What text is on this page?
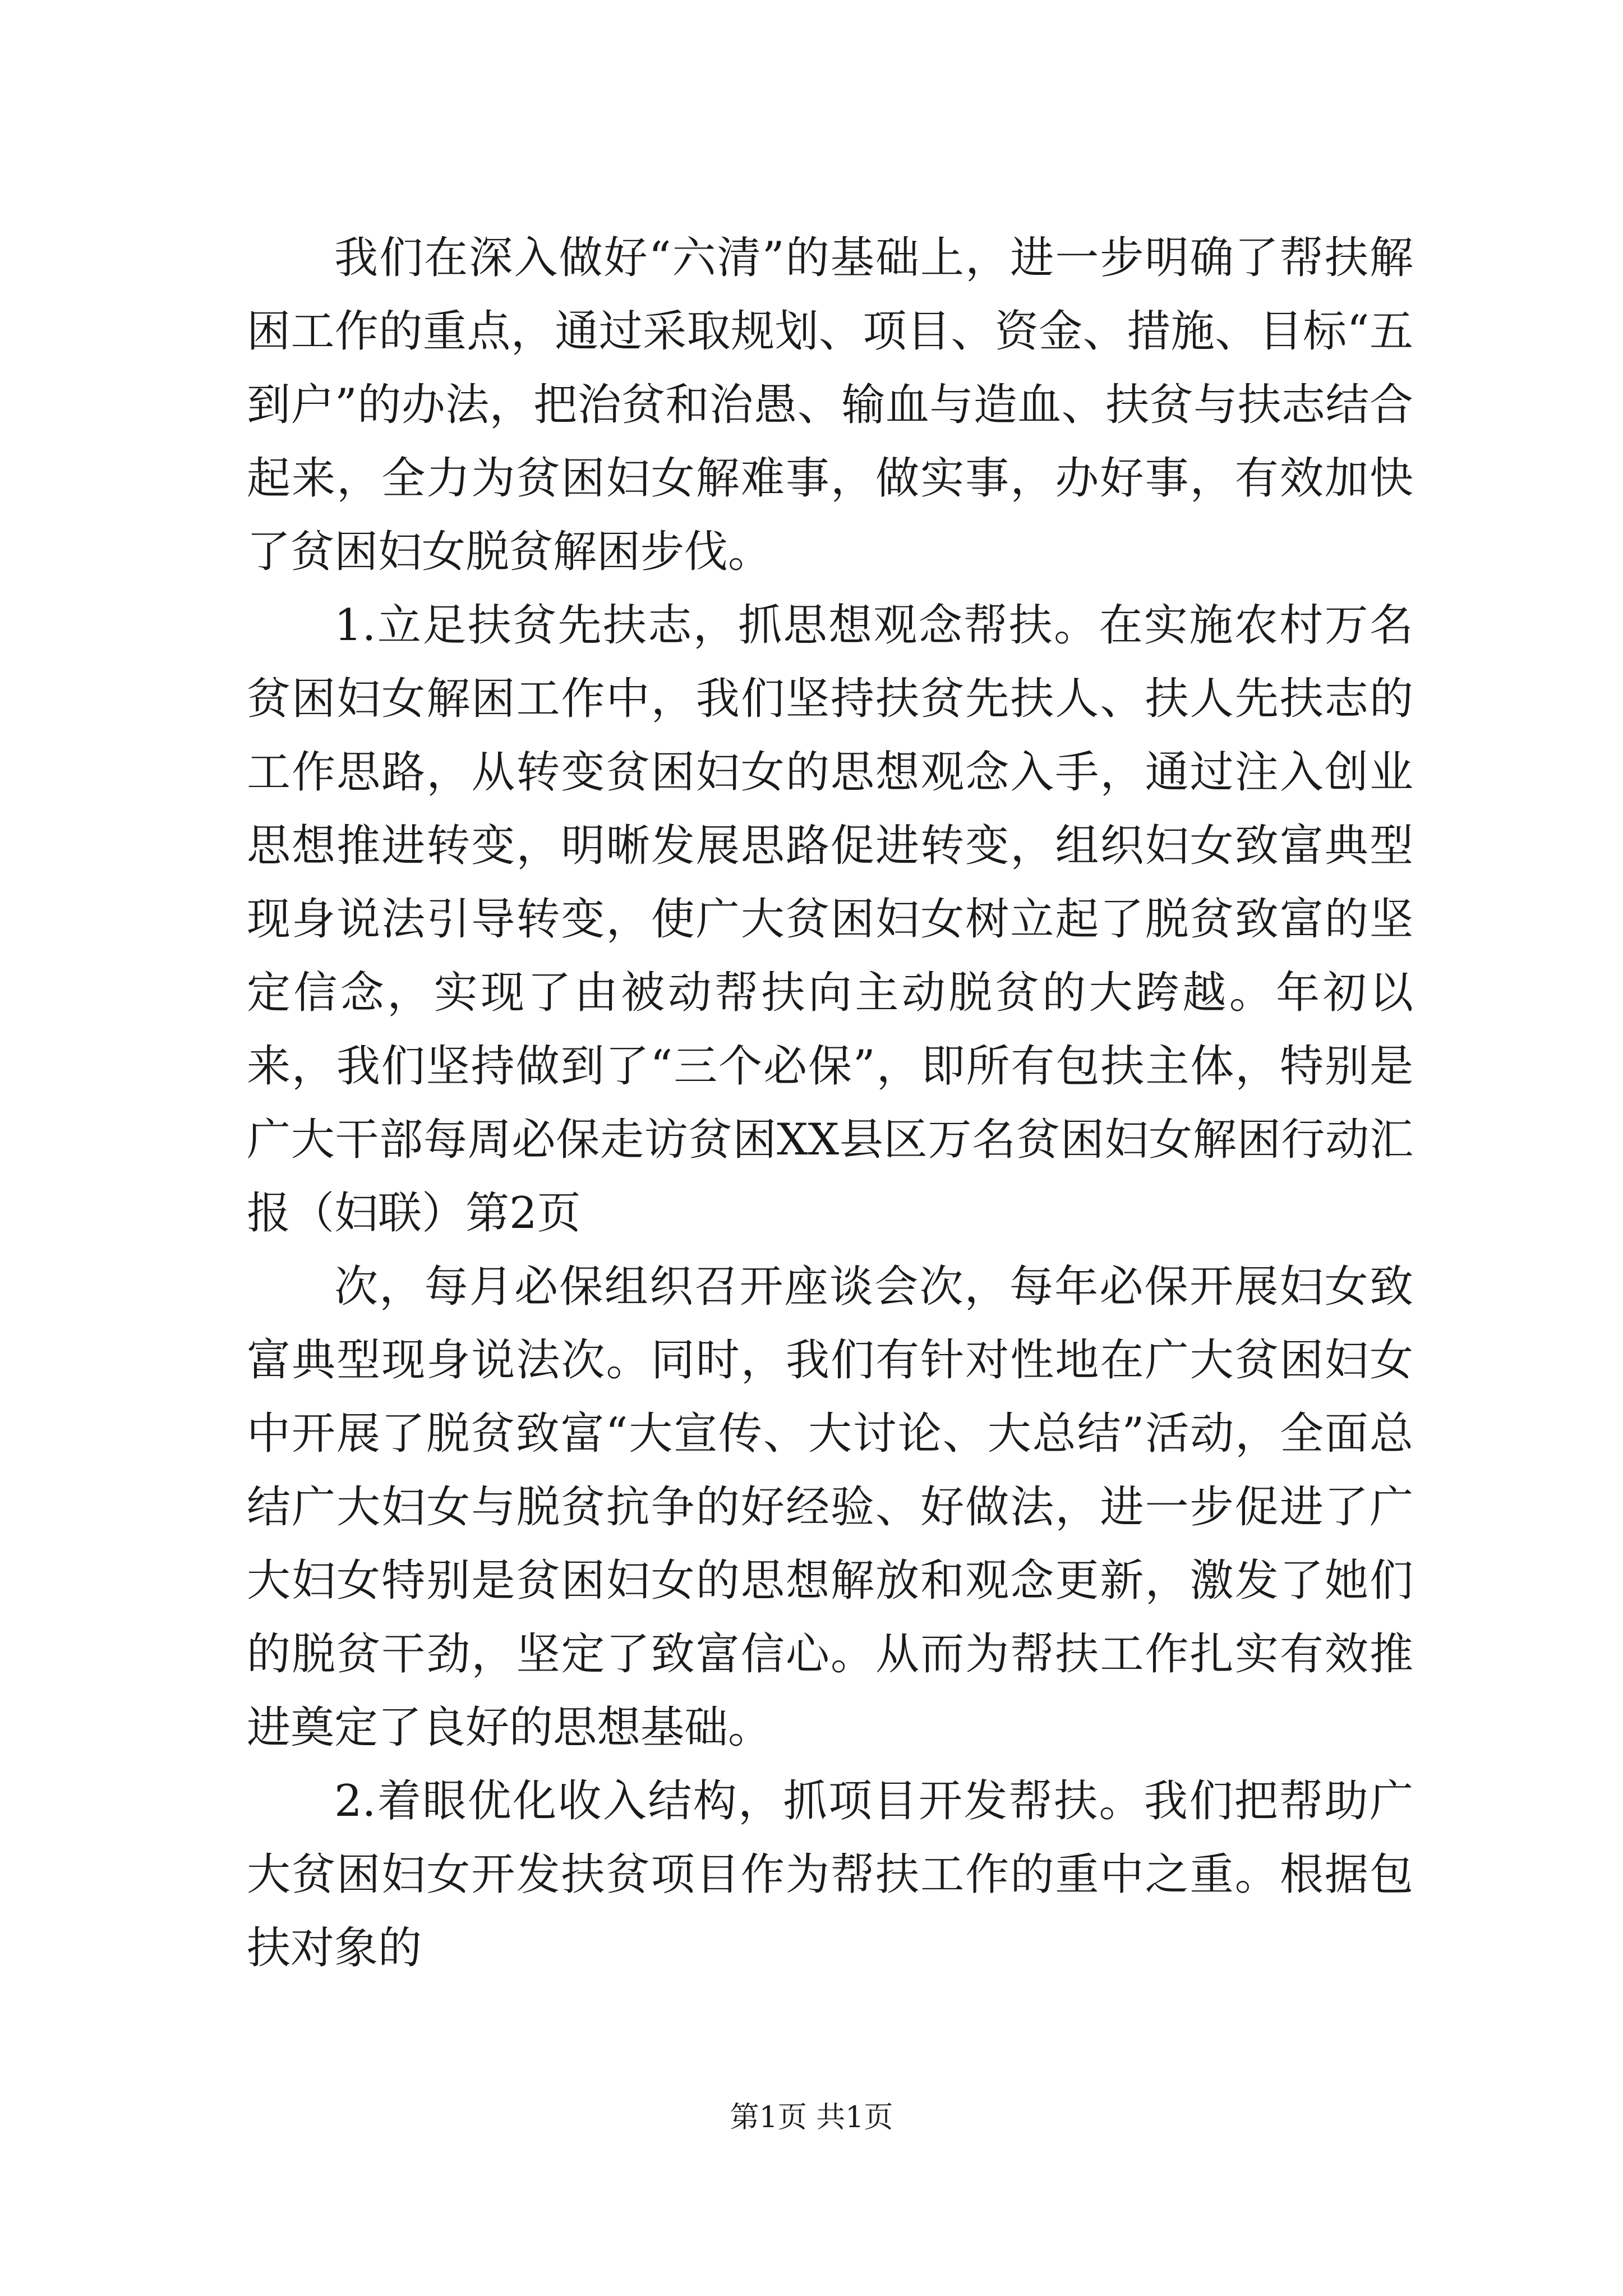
我们在深入做好“六清”的基础上，进一步明确了帮扶解困工作的重点，通过采取规划、项目、资金、措施、目标“五到户”的办法，把治贫和治愚、输血与造血、扶贫与扶志结合起来，全力为贫困妇女解难事，做实事，办好事，有效加快了贫困妇女脱贫解困步伐。

1.立足扶贫先扶志，抓思想观念帮扶。在实施农村万名贫困妇女解困工作中，我们坚持扶贫先扶人、扶人先扶志的工作思路，从转变贫困妇女的思想观念入手，通过注入创业思想推进转变，明晰发展思路促进转变，组织妇女致富典型现身说法引导转变，使广大贫困妇女树立起了脱贫致富的坚定信念，实现了由被动帮扶向主动脱贫的大跨越。年初以来，我们坚持做到了“三个必保”，即所有包扶主体，特别是广大干部每周必保走访贫困XX县区万名贫困妇女解困行动汇报（妇联）第2页

次，每月必保组织召开座谈会次，每年必保开展妇女致富典型现身说法次。同时，我们有针对性地在广大贫困妇女中开展了脱贫致富“大宣传、大讨论、大总结”活动，全面总结广大妇女与脱贫抗争的好经验、好做法，进一步促进了广大妇女特别是贫困妇女的思想解放和观念更新，激发了她们的脱贫干劲，坚定了致富信心。从而为帮扶工作扎实有效推进奠定了良好的思想基础。

2.着眼优化收入结构，抓项目开发帮扶。我们把帮助广大贫困妇女开发扶贫项目作为帮扶工作的重中之重。根据包扶对象的

第1页 共1页
